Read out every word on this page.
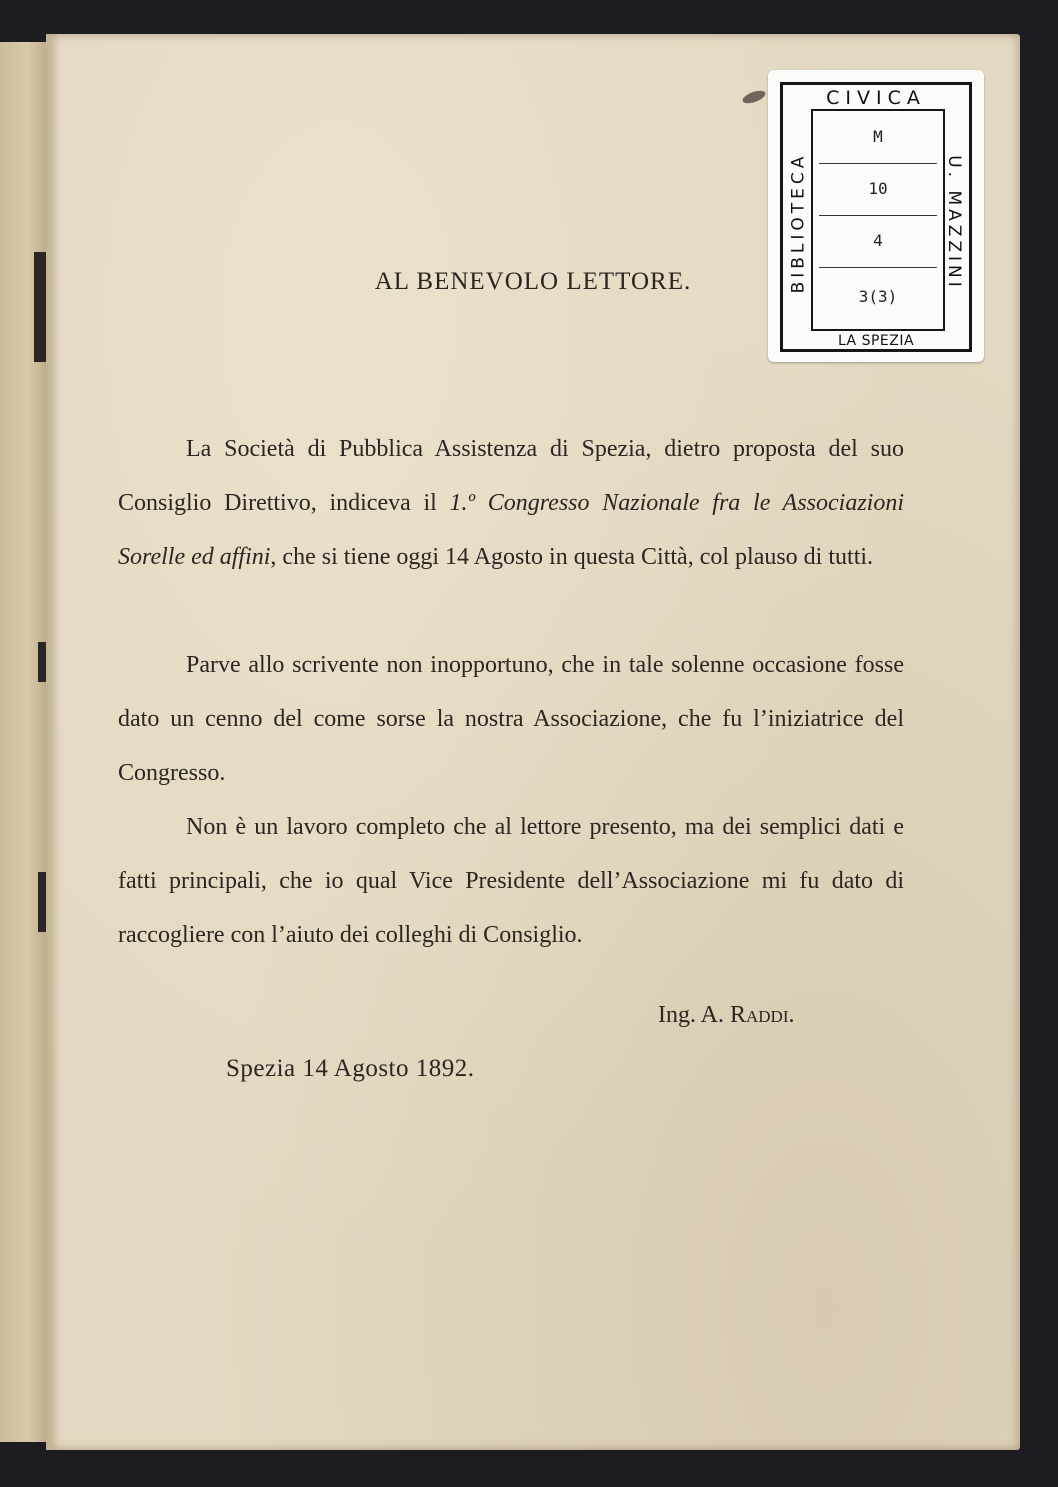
CIVICA
BIBLIOTECA	U. MAZZINI
M
10
4
3(3)
LA SPEZIA
AL BENEVOLO LETTORE.
La Società di Pubblica Assistenza di Spezia, dietro proposta del suo Consiglio Direttivo, indiceva il 1.º Congresso Nazionale fra le Associazioni Sorelle ed affini, che si tiene oggi 14 Agosto in questa Città, col plauso di tutti.
Parve allo scrivente non inopportuno, che in tale solenne occasione fosse dato un cenno del come sorse la nostra Associazione, che fu l’iniziatrice del Congresso.
Non è un lavoro completo che al lettore presento, ma dei semplici dati e fatti principali, che io qual Vice Presidente dell’Associazione mi fu dato di raccogliere con l’aiuto dei colleghi di Consiglio.
Ing. A. Raddi.
Spezia 14 Agosto 1892.
